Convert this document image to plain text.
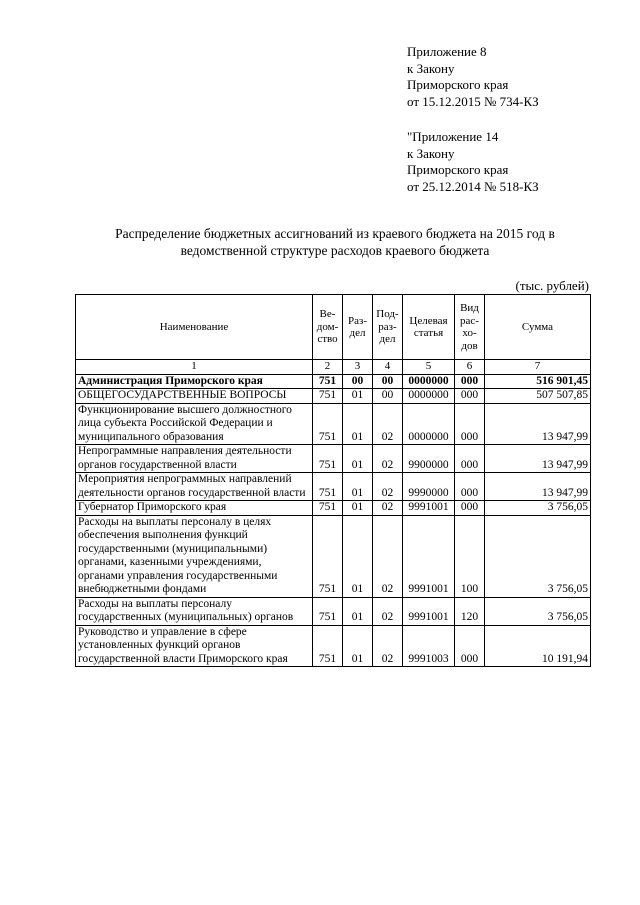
Приложение 8
к Закону
Приморского края
от 15.12.2015 № 734-КЗ
"Приложение 14
к Закону
Приморского края
от 25.12.2014 № 518-КЗ
Распределение бюджетных ассигнований из краевого бюджета на 2015 год в
ведомственной структуре расходов краевого бюджета
(тыс. рублей)
Наименование	Ве- дом- ство	Раз- дел	Под- раз- дел	Целевая статья	Вид рас- хо- дов	Сумма
1	2	3	4	5	6	7
Администрация Приморского края	751	00	00	0000000	000	516 901,45
ОБЩЕГОСУДАРСТВЕННЫЕ ВОПРОСЫ	751	01	00	0000000	000	507 507,85
Функционирование высшего должностного лица субъекта Российской Федерации и муниципального образования	751	01	02	0000000	000	13 947,99
Непрограммные направления деятельности органов государственной власти	751	01	02	9900000	000	13 947,99
Мероприятия непрограммных направлений деятельности органов государственной власти	751	01	02	9990000	000	13 947,99
Губернатор Приморского края	751	01	02	9991001	000	3 756,05
Расходы на выплаты персоналу в целях обеспечения выполнения функций государственными (муниципальными) органами, казенными учреждениями, органами управления государственными внебюджетными фондами	751	01	02	9991001	100	3 756,05
Расходы на выплаты персоналу государственных (муниципальных) органов	751	01	02	9991001	120	3 756,05
Руководство и управление в сфере установленных функций органов государственной власти Приморского края	751	01	02	9991003	000	10 191,94
